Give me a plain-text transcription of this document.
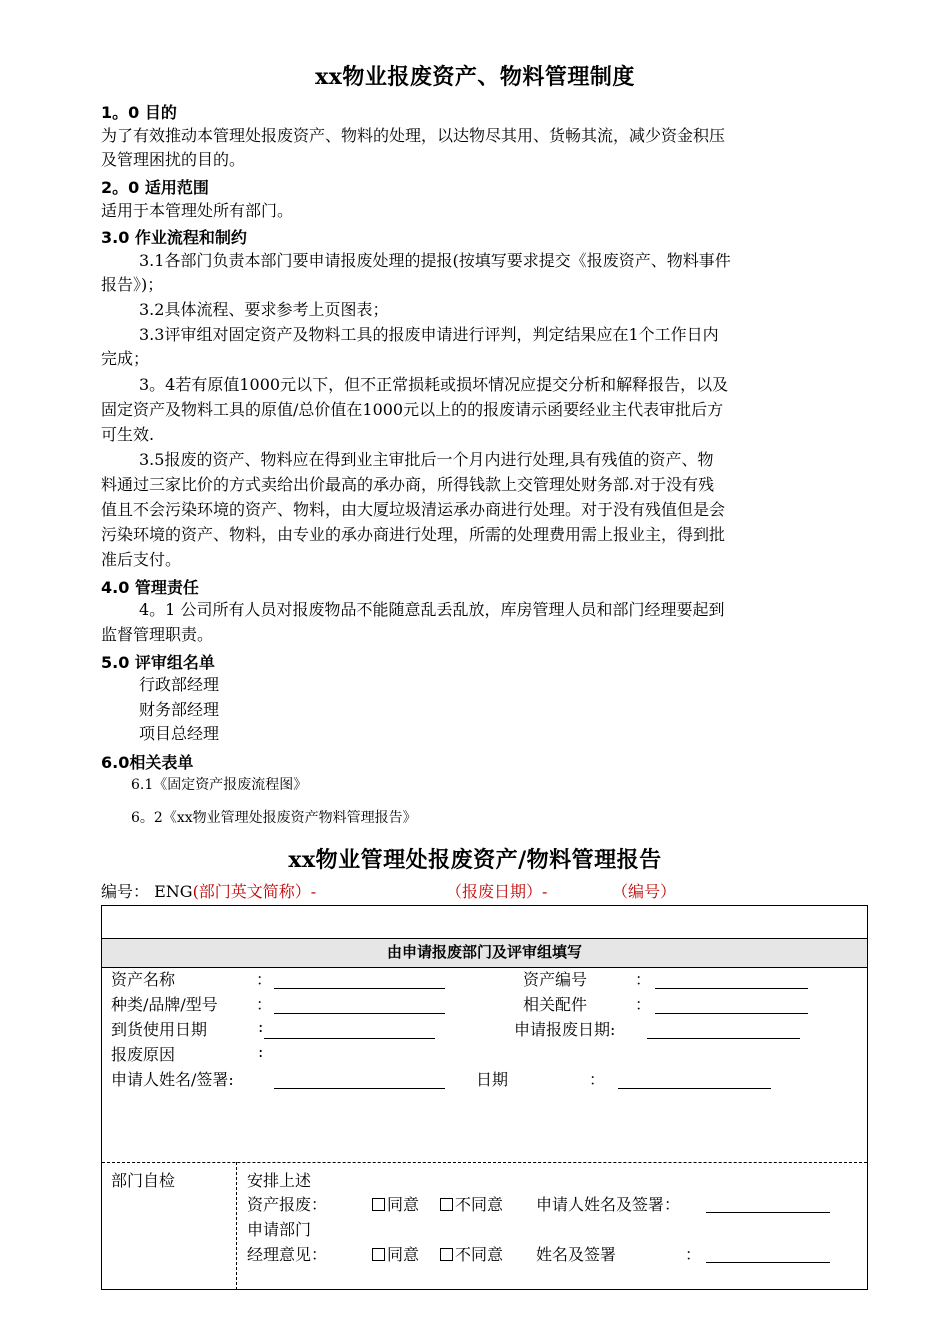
xx物业报废资产、物料管理制度
1。0 目的
为了有效推动本管理处报废资产、物料的处理，以达物尽其用、货畅其流，减少资金积压
及管理困扰的目的。
2。0 适用范围
适用于本管理处所有部门。
3.0 作业流程和制约
3.1各部门负责本部门要申请报废处理的提报(按填写要求提交《报废资产、物料事件
报告》)；
3.2具体流程、要求参考上页图表；
3.3评审组对固定资产及物料工具的报废申请进行评判，判定结果应在1个工作日内
完成；
3。4若有原值1000元以下，但不正常损耗或损坏情况应提交分析和解释报告，以及
固定资产及物料工具的原值/总价值在1000元以上的的报废请示函要经业主代表审批后方
可生效.
3.5报废的资产、物料应在得到业主审批后一个月内进行处理,具有残值的资产、物
料通过三家比价的方式卖给出价最高的承办商，所得钱款上交管理处财务部.对于没有残
值且不会污染环境的资产、物料，由大厦垃圾清运承办商进行处理。对于没有残值但是会
污染环境的资产、物料，由专业的承办商进行处理，所需的处理费用需上报业主，得到批
准后支付。
4.0 管理责任
4。1 公司所有人员对报废物品不能随意乱丢乱放，库房管理人员和部门经理要起到
监督管理职责。
5.0 评审组名单
行政部经理
财务部经理
项目总经理
6.0相关表单
6.1《固定资产报废流程图》
6。2《xx物业管理处报废资产物料管理报告》
xx物业管理处报废资产/物料管理报告
编号： ENG(部门英文简称）-	（报废日期）-	（编号）
由申请报废部门及评审组填写
资产名称	：	资产编号	：
种类/品牌/型号 ：	相关配件	：
到货使用日期	:	申请报废日期:
报废原因	:
申请人姓名/签署:	日期	：
部门自检	安排上述
资产报废：	同意	不同意 申请人姓名及签署：
申请部门
经理意见：	同意	不同意 姓名及签署	：
